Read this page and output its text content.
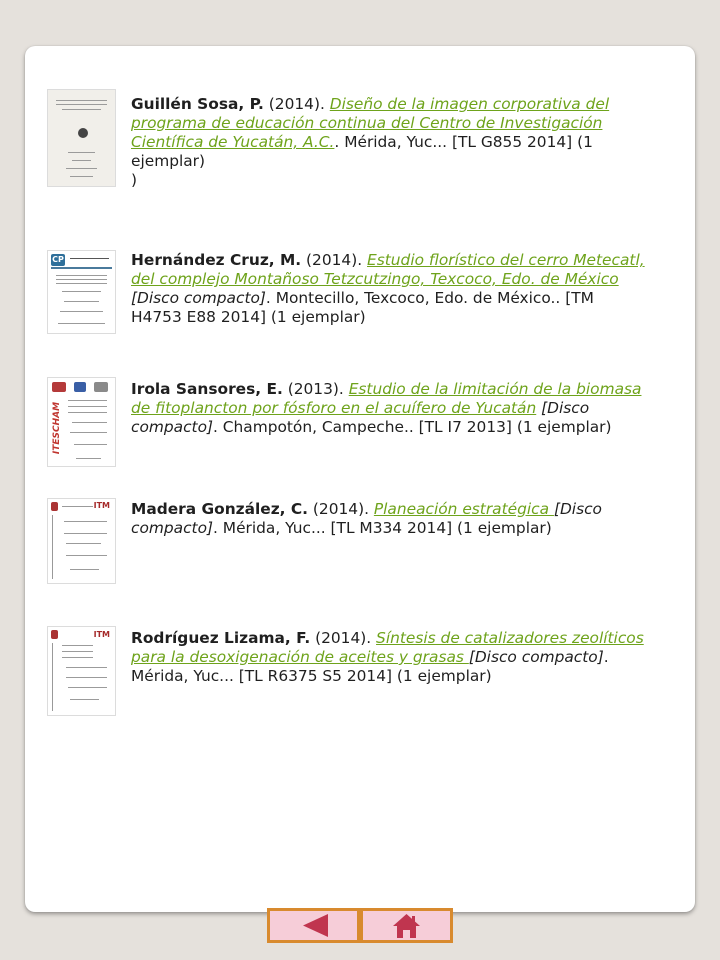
Guillén Sosa, P. (2014). Diseño de la imagen corporativa del programa de educación continua del Centro de Investigación Científica de Yucatán, A.C.. Mérida, Yuc... [TL G855 2014] (1 ejemplar)
)

CP	Hernández Cruz, M. (2014). Estudio florístico del cerro Metecatl, del complejo Montañoso Tetzcutzingo, Texcoco, Edo. de México [Disco compacto]. Montecillo, Texcoco, Edo. de México.. [TM H4753 E88 2014] (1 ejemplar)

ITESCHAM

Irola Sansores, E. (2013). Estudio de la limitación de la biomasa de fitoplancton por fósforo en el acuífero de Yucatán [Disco compacto]. Champotón, Campeche.. [TL I7 2013] (1 ejemplar)

ITM Madera González, C. (2014). Planeación estratégica [Disco compacto]. Mérida, Yuc... [TL M334 2014] (1 ejemplar)

ITM Rodríguez Lizama, F. (2014). Síntesis de catalizadores zeolíticos para la desoxigenación de aceites y grasas [Disco compacto]. Mérida, Yuc... [TL R6375 S5 2014] (1 ejemplar)
